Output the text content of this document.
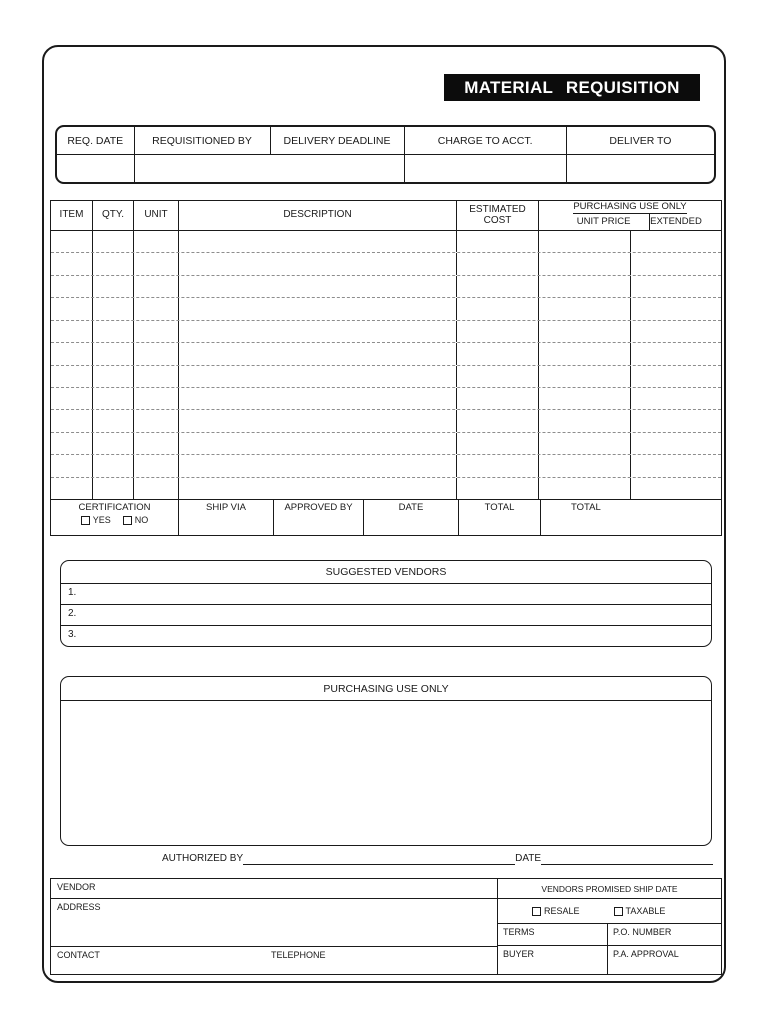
MATERIAL REQUISITION
REQ. DATE	REQUISITIONED BY	DELIVERY DEADLINE	CHARGE TO ACCT.	DELIVER TO
ITEM	QTY.	UNIT	DESCRIPTION	ESTIMATED COST
PURCHASING USE ONLY
UNIT PRICE	EXTENDED
CERTIFICATION
YES	NO
SHIP VIA	APPROVED BY	DATE	TOTAL	TOTAL
SUGGESTED VENDORS
1.
2.
3.
PURCHASING USE ONLY
AUTHORIZED BY	DATE
VENDOR
ADDRESS
CONTACT	TELEPHONE
VENDORS PROMISED SHIP DATE
RESALE	TAXABLE
TERMS	P.O. NUMBER
BUYER	P.A. APPROVAL
